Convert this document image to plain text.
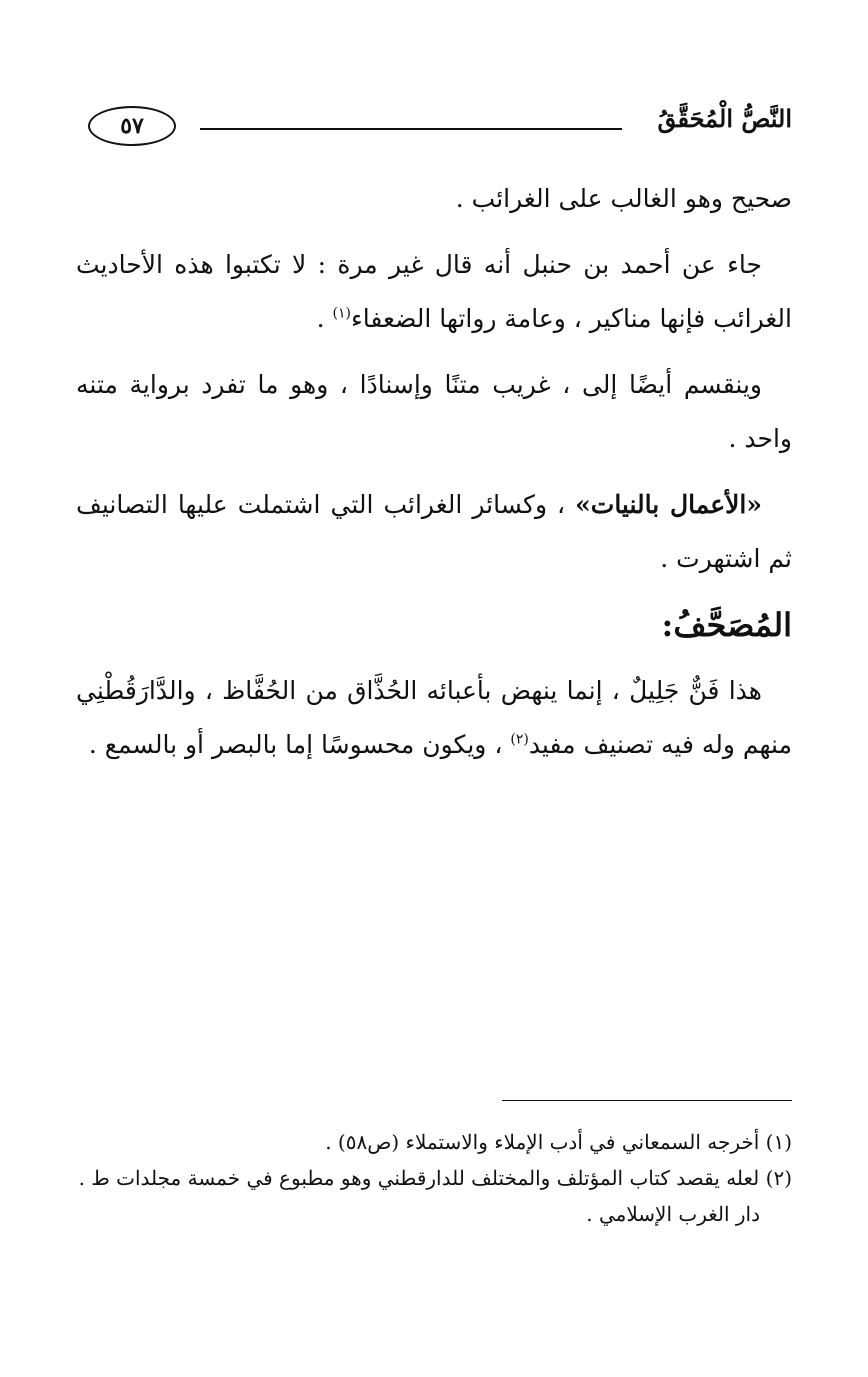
النَّصُّ الْمُحَقَّقُ
٥٧

صحيح وهو الغالب على الغرائب .

جاء عن أحمد بن حنبل أنه قال غير مرة : لا تكتبوا هذه الأحاديث الغرائب فإنها مناكير ، وعامة رواتها الضعفاء$^{(١)}$ .

وينقسم أيضًا إلى ، غريب متنًا وإسنادًا ، وهو ما تفرد برواية متنه واحد .

«الأعمال بالنيات» ، وكسائر الغرائب التي اشتملت عليها التصانيف ثم اشتهرت .

المُصَحَّفُ:

هذا فَنٌّ جَلِيلٌ ، إنما ينهض بأعبائه الحُذَّاق من الحُفَّاظ ، والدَّارَقُطْنِي منهم وله فيه تصنيف مفيد$^{(٢)}$ ، ويكون محسوسًا إما بالبصر أو بالسمع .

(١) أخرجه السمعاني في أدب الإملاء والاستملاء (ص٥٨) .

(٢) لعله يقصد كتاب المؤتلف والمختلف للدارقطني وهو مطبوع في خمسة مجلدات ط .

دار الغرب الإسلامي .
